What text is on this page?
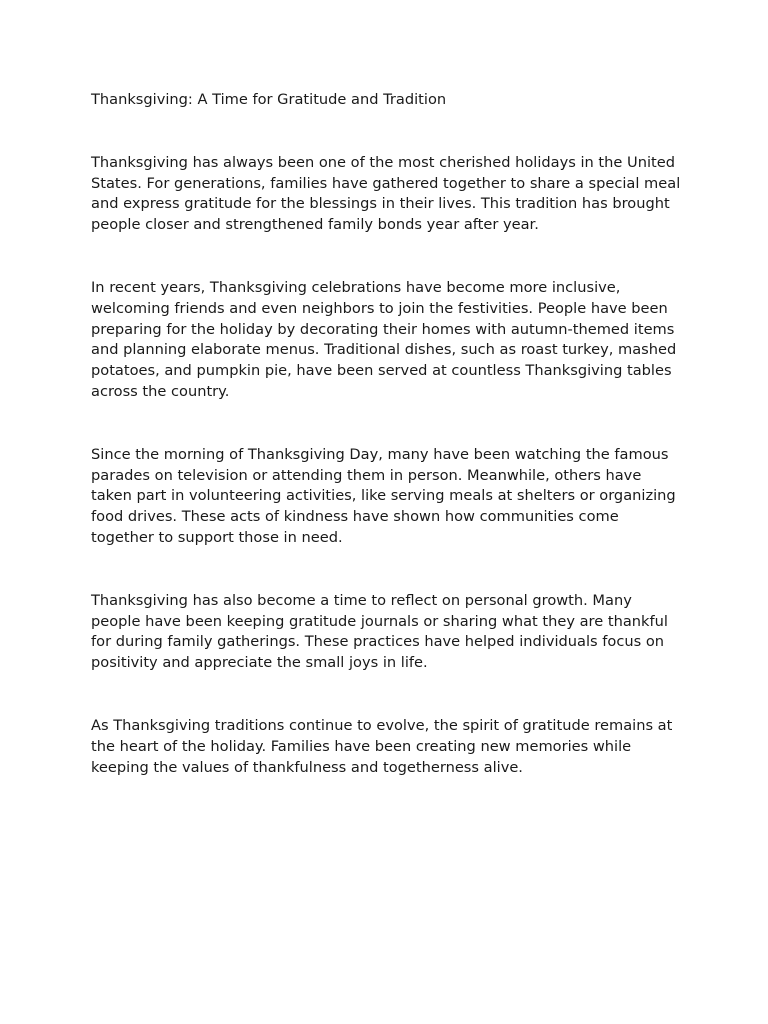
Thanksgiving: A Time for Gratitude and Tradition

Thanksgiving has always been one of the most cherished holidays in the United States. For generations, families have gathered together to share a special meal and express gratitude for the blessings in their lives. This tradition has brought people closer and strengthened family bonds year after year.

In recent years, Thanksgiving celebrations have become more inclusive, welcoming friends and even neighbors to join the festivities. People have been preparing for the holiday by decorating their homes with autumn-themed items and planning elaborate menus. Traditional dishes, such as roast turkey, mashed potatoes, and pumpkin pie, have been served at countless Thanksgiving tables across the country.

Since the morning of Thanksgiving Day, many have been watching the famous parades on television or attending them in person. Meanwhile, others have taken part in volunteering activities, like serving meals at shelters or organizing food drives. These acts of kindness have shown how communities come together to support those in need.

Thanksgiving has also become a time to reflect on personal growth. Many people have been keeping gratitude journals or sharing what they are thankful for during family gatherings. These practices have helped individuals focus on positivity and appreciate the small joys in life.

As Thanksgiving traditions continue to evolve, the spirit of gratitude remains at the heart of the holiday. Families have been creating new memories while keeping the values of thankfulness and togetherness alive.
